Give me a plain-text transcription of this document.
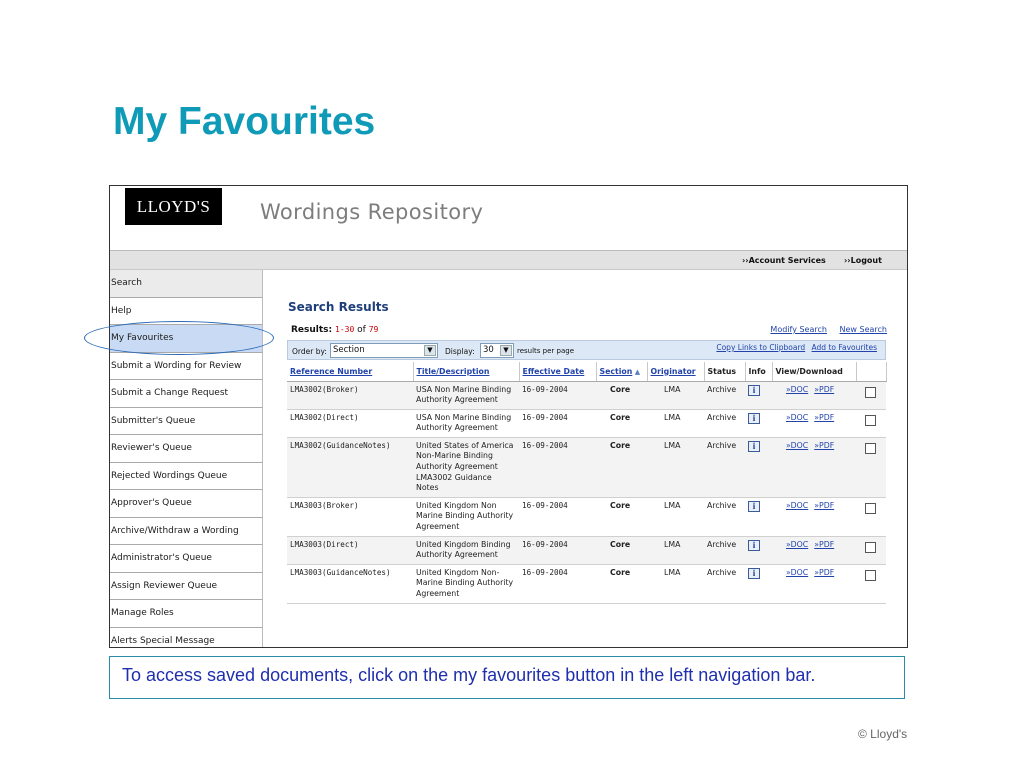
My Favourites
LLOYD'S	Wordings Repository
››Account Services ››Logout
Search
Help
My Favourites
Submit a Wording for Review
Submit a Change Request
Submitter's Queue
Reviewer's Queue
Rejected Wordings Queue
Approver's Queue
Archive/Withdraw a Wording
Administrator's Queue
Assign Reviewer Queue
Manage Roles
Alerts Special Message
Search Results
Results: 1-30 of 79	Modify Search New Search
Order by: Section	▼	Display: 30	▼	results per page	Copy Links to Clipboard Add to Favourites
Reference Number	Title/Description	Effective Date	Section ▲	Originator	Status	Info	View/Download	
LMA3002(Broker)	USA Non Marine Binding Authority Agreement	16-09-2004	Core	LMA	Archive	i	»DOC »PDF	
LMA3002(Direct)	USA Non Marine Binding Authority Agreement	16-09-2004	Core	LMA	Archive	i	»DOC »PDF	
LMA3002(GuidanceNotes)	United States of America Non-Marine Binding Authority Agreement LMA3002 Guidance Notes	16-09-2004	Core	LMA	Archive	i	»DOC »PDF	
LMA3003(Broker)	United Kingdom Non Marine Binding Authority Agreement	16-09-2004	Core	LMA	Archive	i	»DOC »PDF	
LMA3003(Direct)	United Kingdom Binding Authority Agreement	16-09-2004	Core	LMA	Archive	i	»DOC »PDF	
LMA3003(GuidanceNotes)	United Kingdom Non-Marine Binding Authority Agreement	16-09-2004	Core	LMA	Archive	i	»DOC »PDF	
To access saved documents, click on the my favourites button in the left navigation bar.
© Lloyd's
